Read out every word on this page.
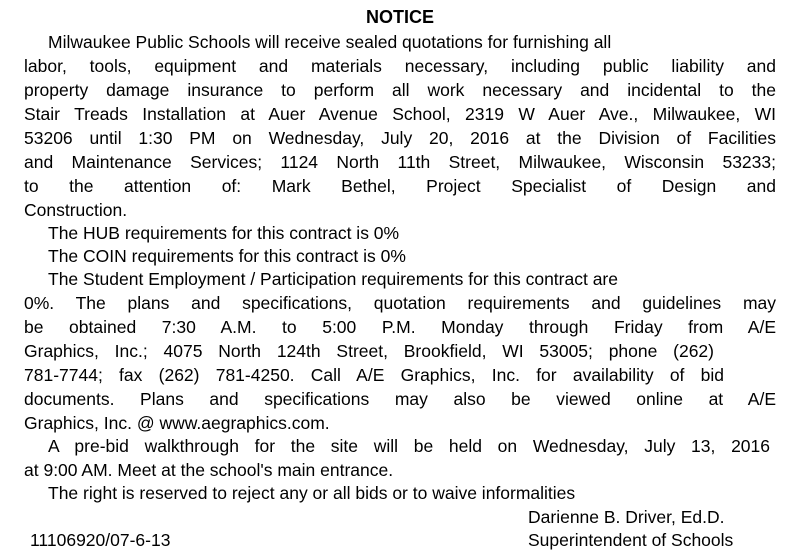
NOTICE
Milwaukee Public Schools will receive sealed quotations for furnishing all
labor, tools, equipment and materials necessary, including public liability and
property damage insurance to perform all work necessary and incidental to the
Stair Treads Installation at Auer Avenue School, 2319 W Auer Ave., Milwaukee, WI
53206 until 1:30 PM on Wednesday, July 20, 2016 at the Division of Facilities
and Maintenance Services; 1124 North 11th Street, Milwaukee, Wisconsin 53233;
to the attention of: Mark Bethel, Project Specialist of Design and
Construction.
The HUB requirements for this contract is 0%
The COIN requirements for this contract is 0%
The Student Employment / Participation requirements for this contract are
0%. The plans and specifications, quotation requirements and guidelines may
be obtained 7:30 A.M. to 5:00 P.M. Monday through Friday from A/E
Graphics, Inc.; 4075 North 124th Street, Brookfield, WI 53005; phone (262)
781-7744; fax (262) 781-4250. Call A/E Graphics, Inc. for availability of bid
documents. Plans and specifications may also be viewed online at A/E
Graphics, Inc. @ www.aegraphics.com.
A pre-bid walkthrough for the site will be held on Wednesday, July 13, 2016
at 9:00 AM. Meet at the school's main entrance.
The right is reserved to reject any or all bids or to waive informalities
Darienne B. Driver, Ed.D.
11106920/07-6-13	Superintendent of Schools
